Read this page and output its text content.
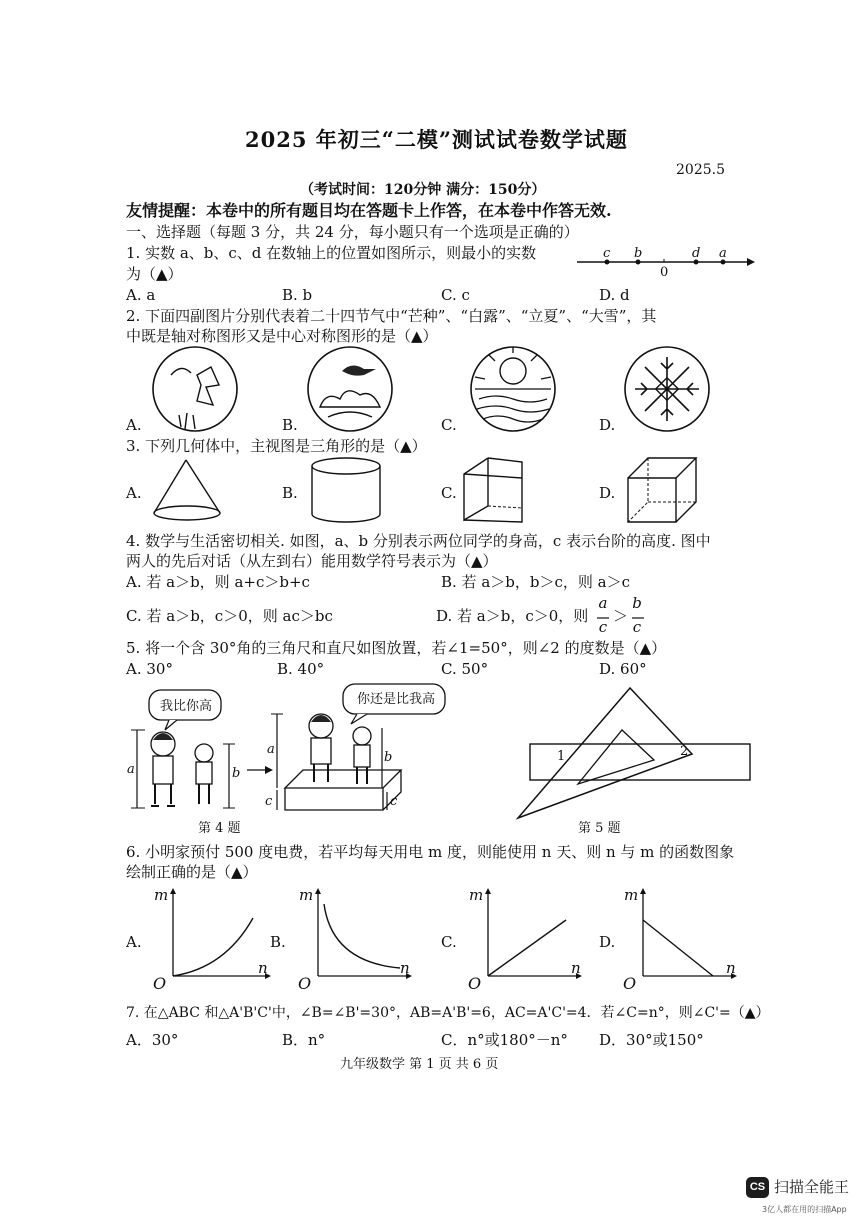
2025 年初三“二模”测试试卷数学试题
2025.5
（考试时间：120分钟 满分：150分）
友情提醒：本卷中的所有题目均在答题卡上作答，在本卷中作答无效.
一、选择题（每题 3 分，共 24 分，每小题只有一个选项是正确的）
1. 实数 a、b、c、d 在数轴上的位置如图所示，则最小的实数
为（▲）
c b
0
d a
A. a	B. b	C. c	D. d
2. 下面四副图片分别代表着二十四节气中“芒种”、“白露”、“立夏”、“大雪”，其
中既是轴对称图形又是中心对称图形的是（▲）
A.	B.	C.	D.
3. 下列几何体中，主视图是三角形的是（▲）
A.	B.	C.	D.
4. 数学与生活密切相关. 如图，a、b 分别表示两位同学的身高，c 表示台阶的高度. 图中
两人的先后对话（从左到右）能用数学符号表示为（▲）
A. 若 a＞b，则 a+c＞b+c	B. 若 a＞b，b＞c，则 a＞c
C. 若 a＞b，c＞0，则 ac＞bc	D. 若 a＞b，c＞0，则
a
c
＞
b
c
5. 将一个含 30°角的三角尺和直尺如图放置，若∠1=50°，则∠2 的度数是（▲）
A. 30°	B. 40°	C. 50°	D. 60°
我比你高	你还是比我高
a	b
a
b
c	c
第 4 题
1	2
第 5 题
6. 小明家预付 500 度电费，若平均每天用电 m 度，则能使用 n 天、则 n 与 m 的函数图象
绘制正确的是（▲）
A.	B.	C.	D.
m	m	m	m
n	n	n	n
O	O	O	O
7. 在△ABC 和△A'B'C'中，∠B=∠B'=30°，AB=A'B'=6，AC=A'C'=4．若∠C=n°，则∠C'=（▲）
A．30°	B．n°	C．n°或180°－n° D．30°或150°
九年级数学 第 1 页 共 6 页
CS 扫描全能王
3亿人都在用的扫描App
